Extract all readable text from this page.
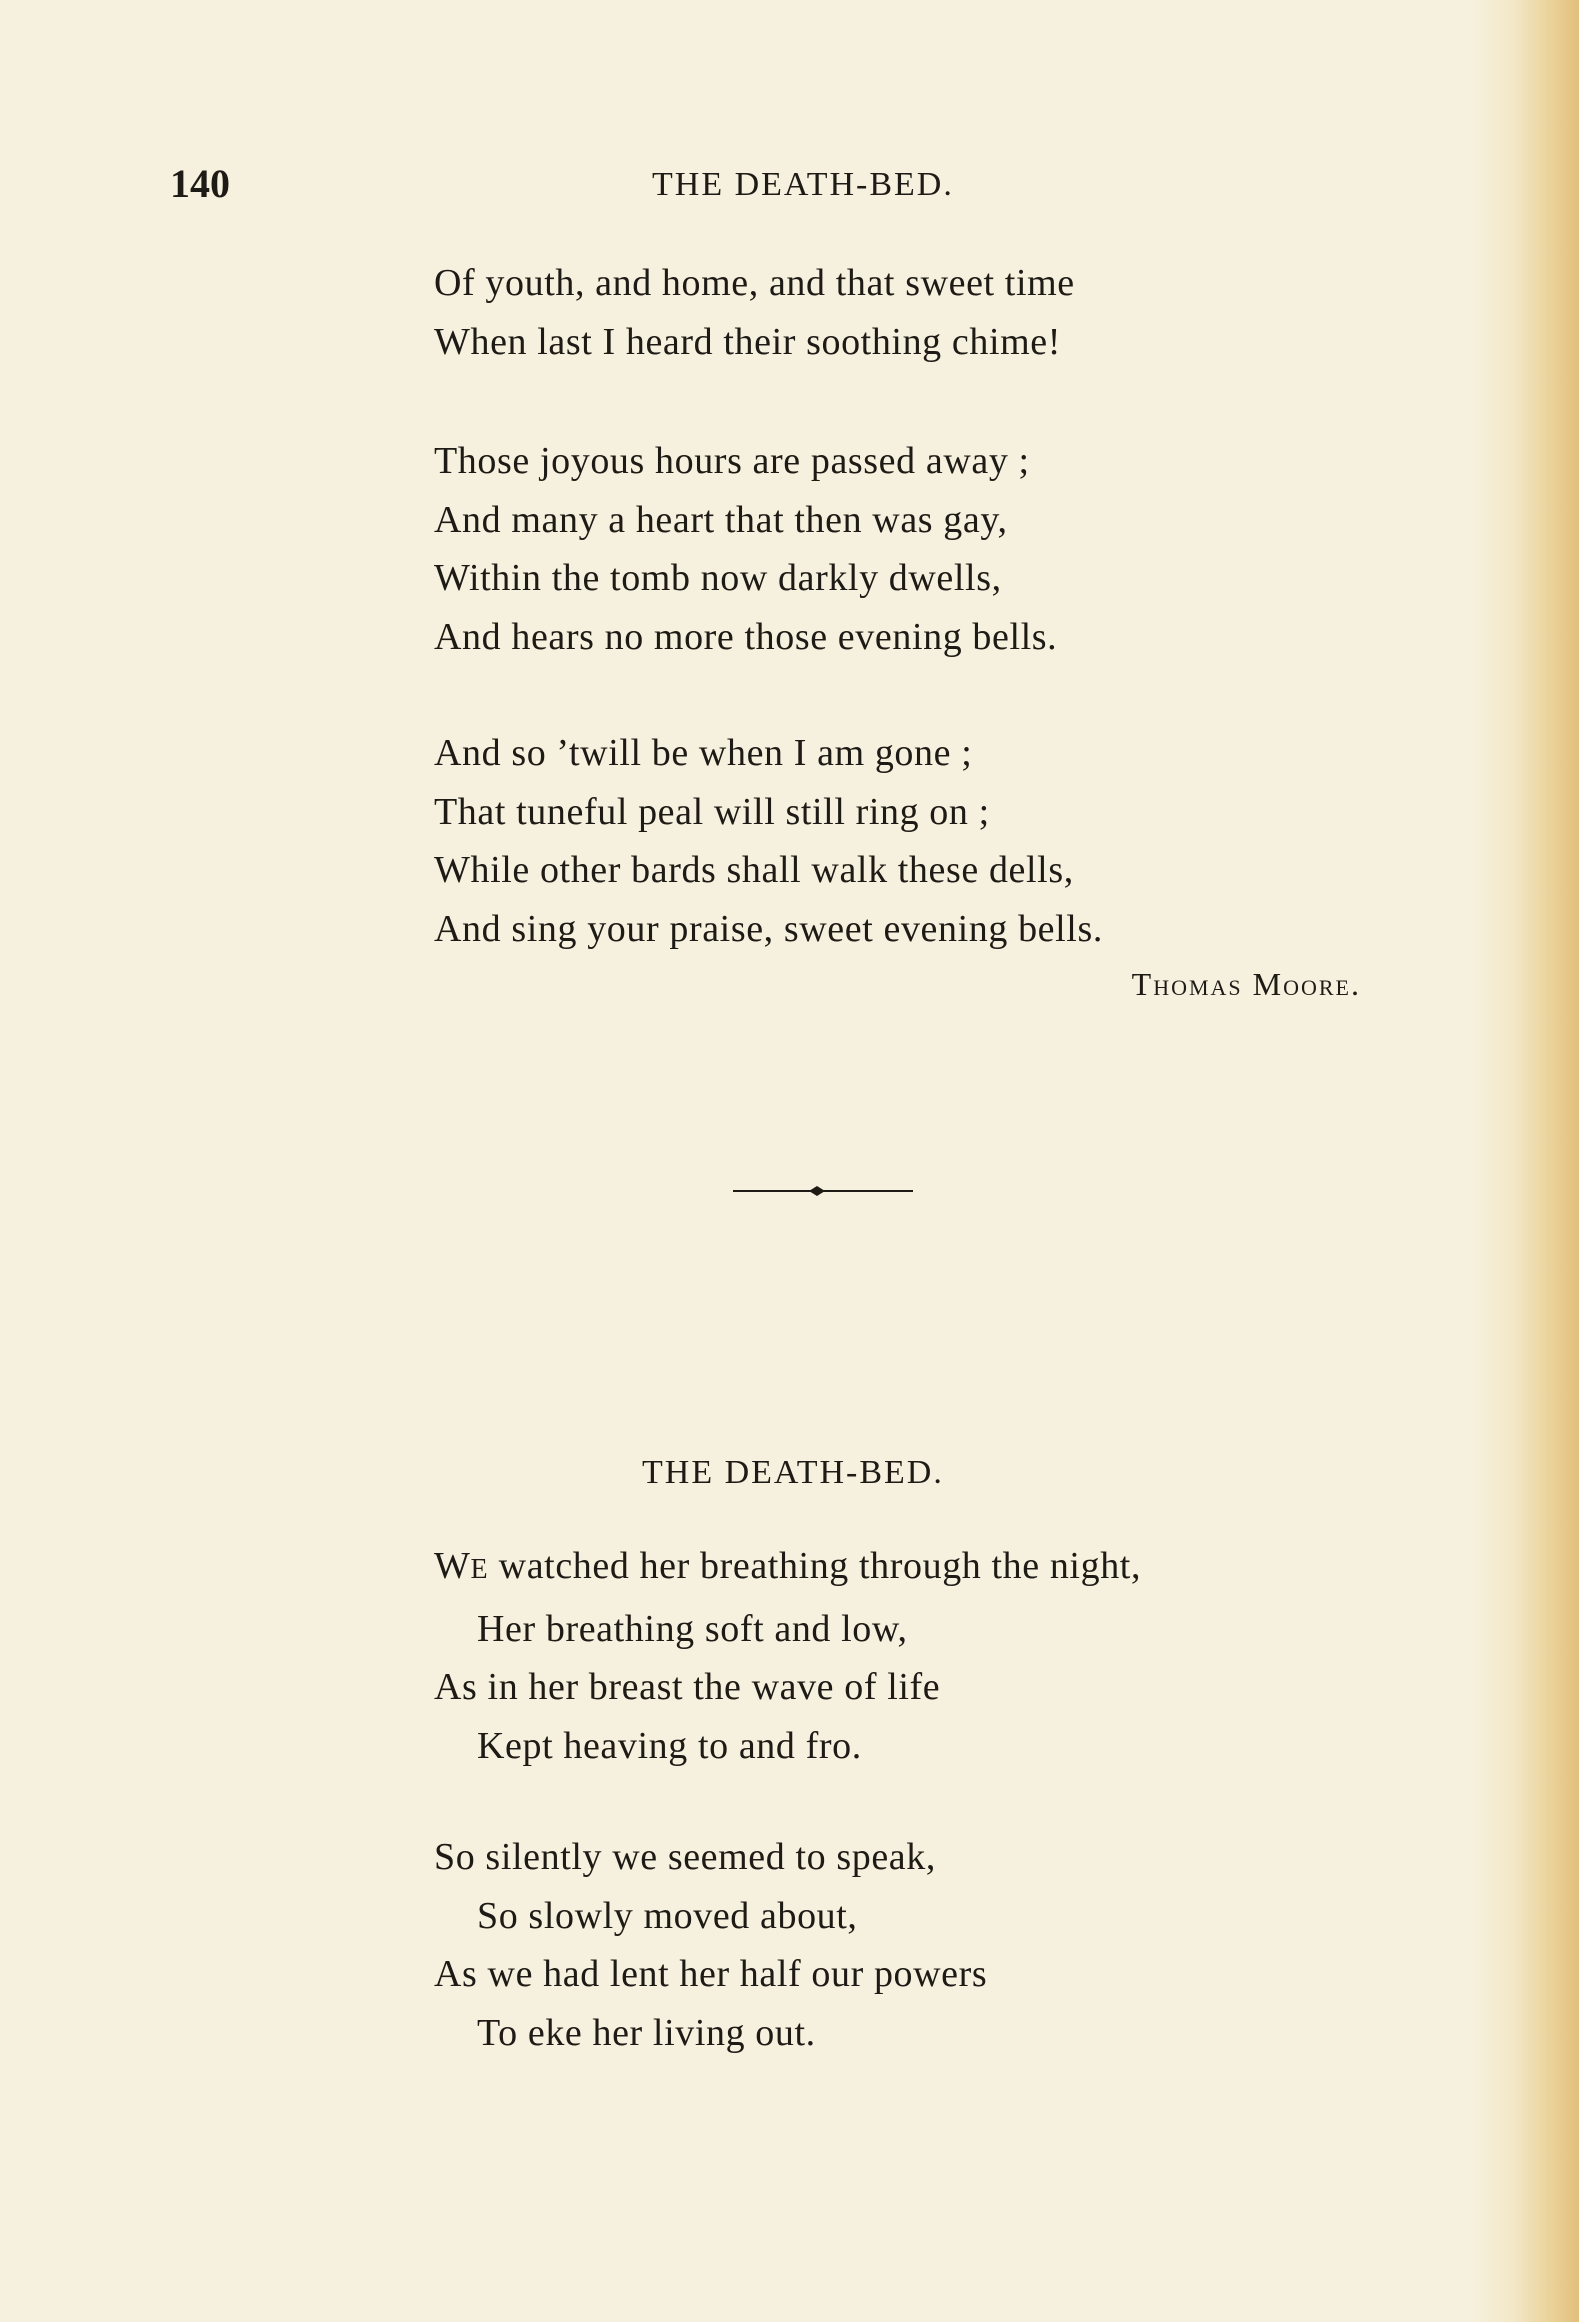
140	THE DEATH-BED.
Of youth, and home, and that sweet time
When last I heard their soothing chime!
Those joyous hours are passed away ;
And many a heart that then was gay,
Within the tomb now darkly dwells,
And hears no more those evening bells.
And so ’twill be when I am gone ;
That tuneful peal will still ring on ;
While other bards shall walk these dells,
And sing your praise, sweet evening bells.
Thomas Moore.
THE DEATH-BED.
WE watched her breathing through the night,
Her breathing soft and low,
As in her breast the wave of life
Kept heaving to and fro.
So silently we seemed to speak,
So slowly moved about,
As we had lent her half our powers
To eke her living out.
